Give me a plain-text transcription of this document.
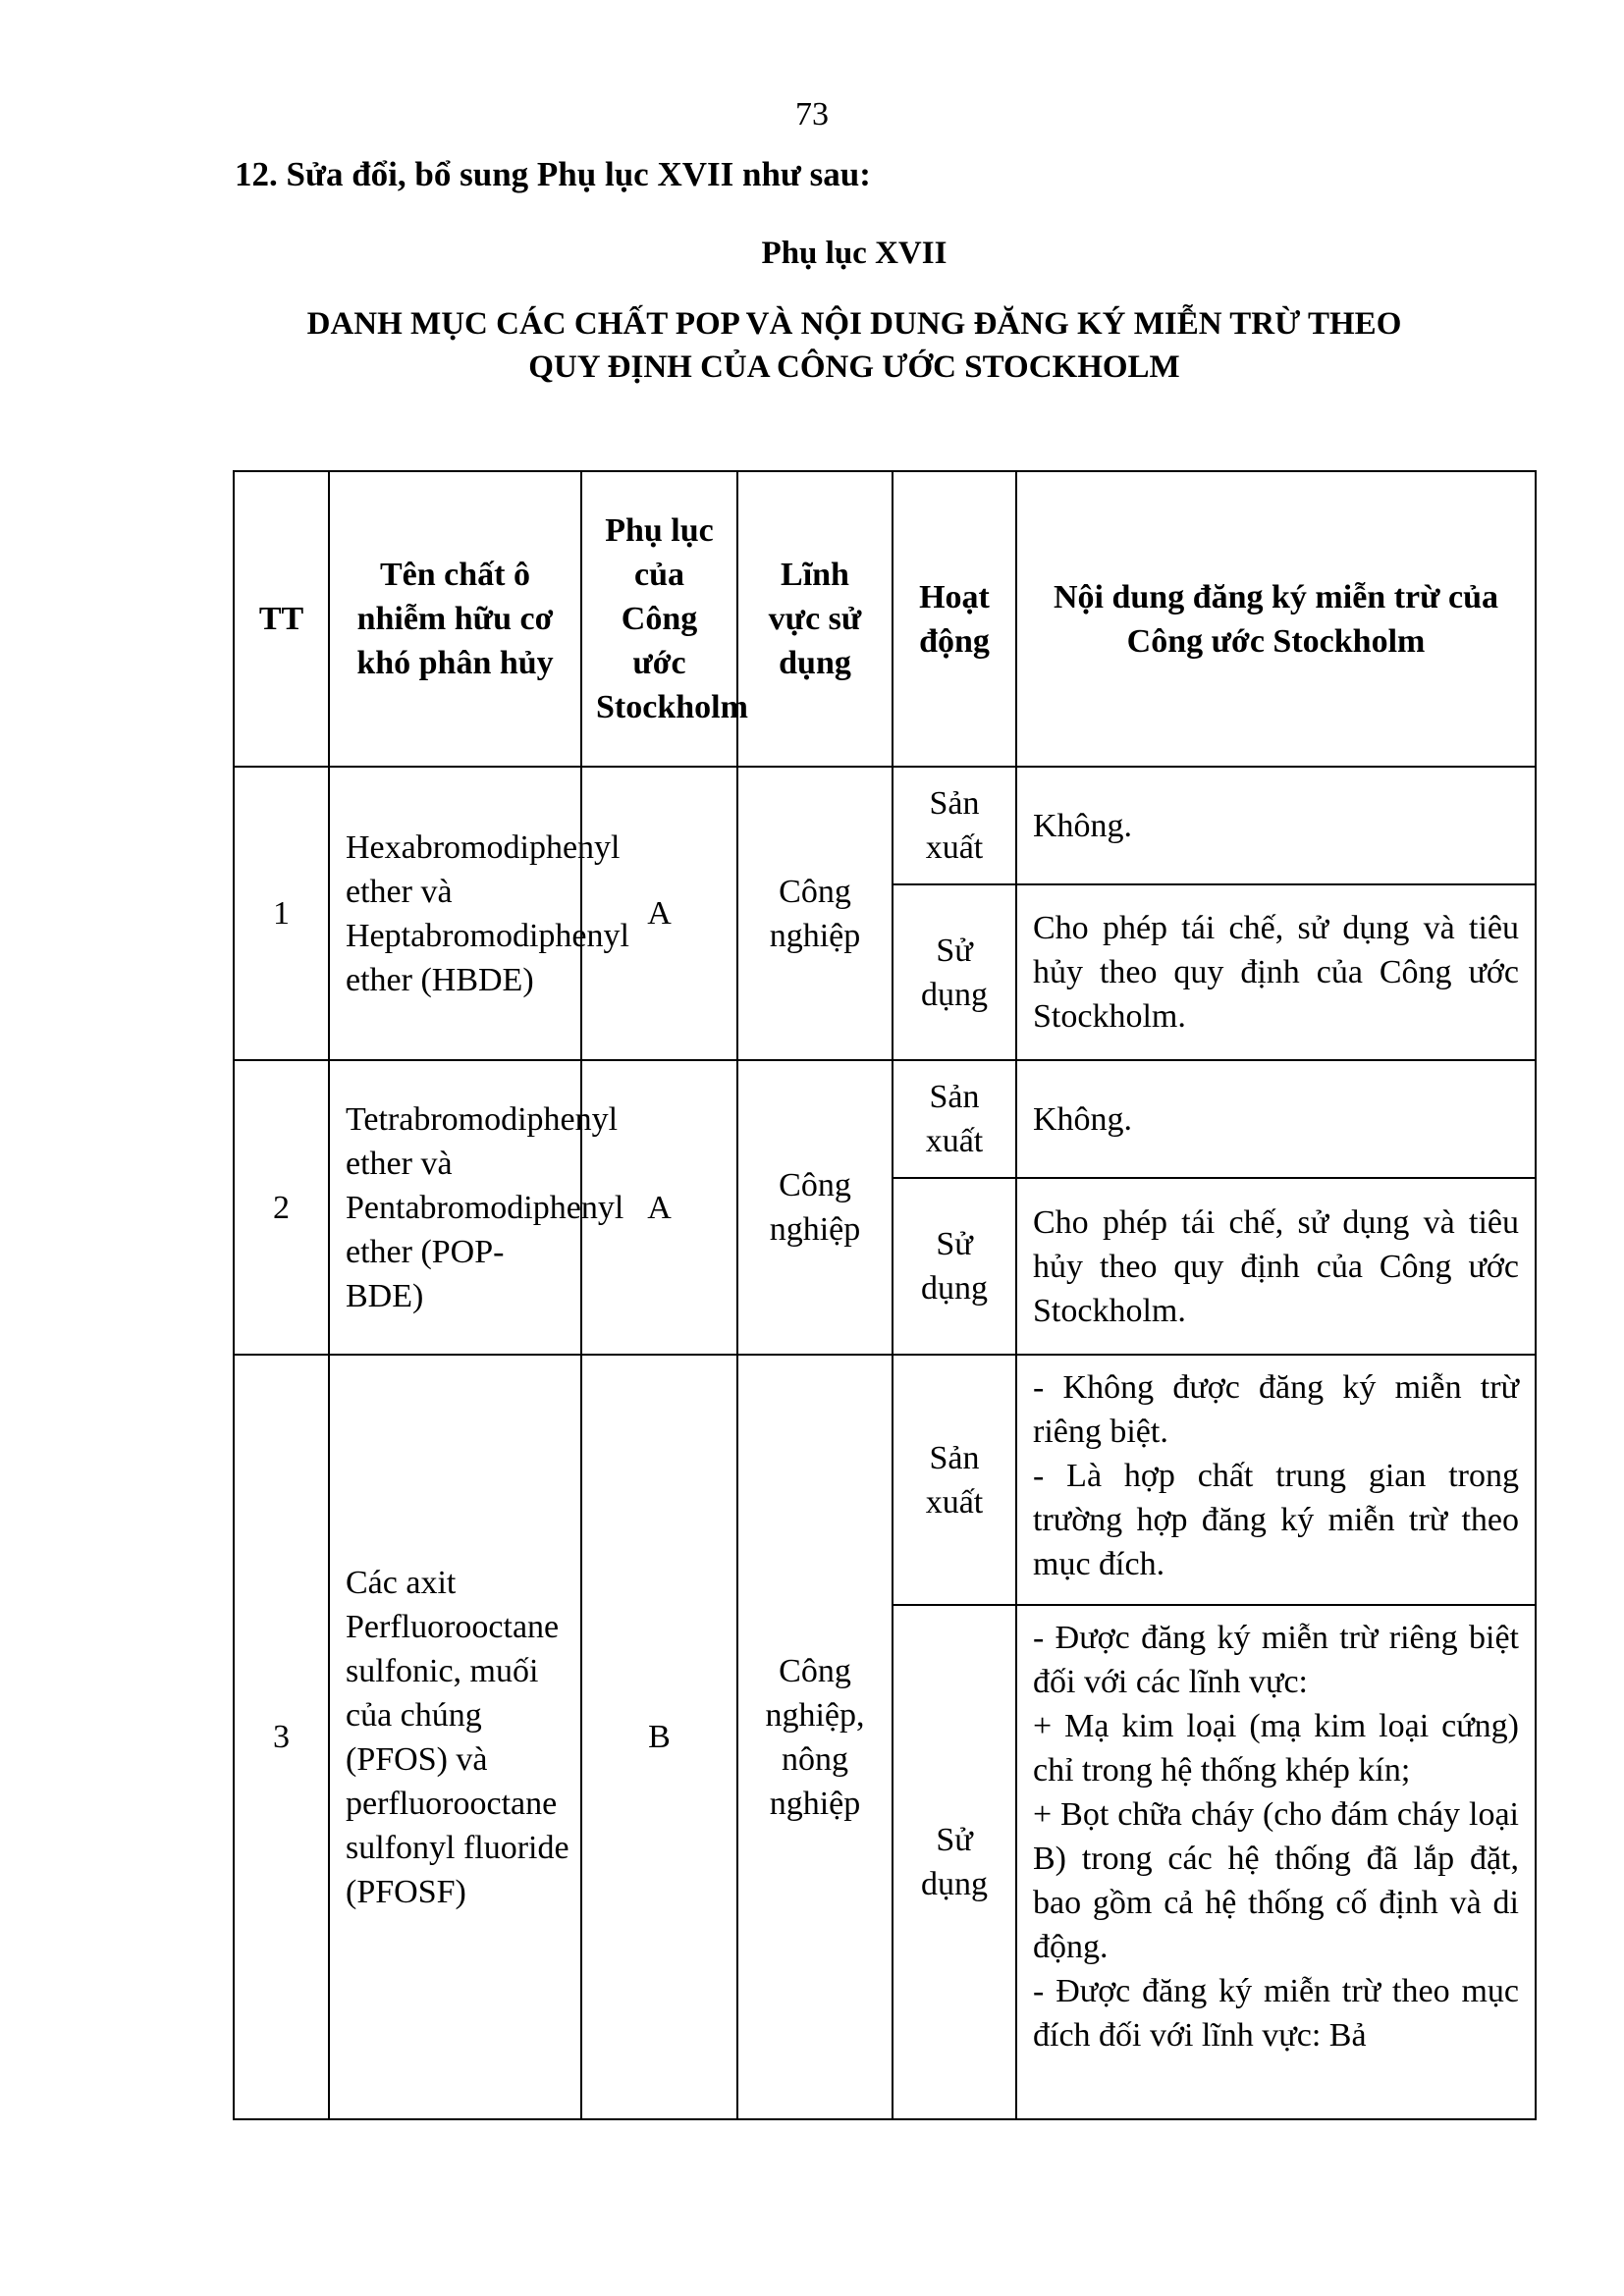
73
12. Sửa đổi, bổ sung Phụ lục XVII như sau:
Phụ lục XVII
DANH MỤC CÁC CHẤT POP VÀ NỘI DUNG ĐĂNG KÝ MIỄN TRỪ THEO
QUY ĐỊNH CỦA CÔNG ƯỚC STOCKHOLM
TT	Tên chất ô nhiễm hữu cơ khó phân hủy	Phụ lục của Công ước Stockholm	Lĩnh vực sử dụng	Hoạt động	Nội dung đăng ký miễn trừ của Công ước Stockholm
1	Hexabromodiphenyl ether và Heptabromodiphenyl ether (HBDE)	A	Công nghiệp	Sản xuất	Không.
				Sử dụng	Cho phép tái chế, sử dụng và tiêu hủy theo quy định của Công ước Stockholm.
2	Tetrabromodiphenyl ether và Pentabromodiphenyl ether (POP-BDE)	A	Công nghiệp	Sản xuất	Không.
				Sử dụng	Cho phép tái chế, sử dụng và tiêu hủy theo quy định của Công ước Stockholm.
3	Các axit Perfluorooctane sulfonic, muối của chúng (PFOS) và perfluorooctane sulfonyl fluoride (PFOSF)	B	Công nghiệp, nông nghiệp	Sản xuất	- Không được đăng ký miễn trừ riêng biệt.
- Là hợp chất trung gian trong trường hợp đăng ký miễn trừ theo mục đích.

				Sử dụng	- Được đăng ký miễn trừ riêng biệt đối với các lĩnh vực:
+ Mạ kim loại (mạ kim loại cứng) chỉ trong hệ thống khép kín;
+ Bọt chữa cháy (cho đám cháy loại B) trong các hệ thống đã lắp đặt, bao gồm cả hệ thống cố định và di động.
- Được đăng ký miễn trừ theo mục đích đối với lĩnh vực: Bả
